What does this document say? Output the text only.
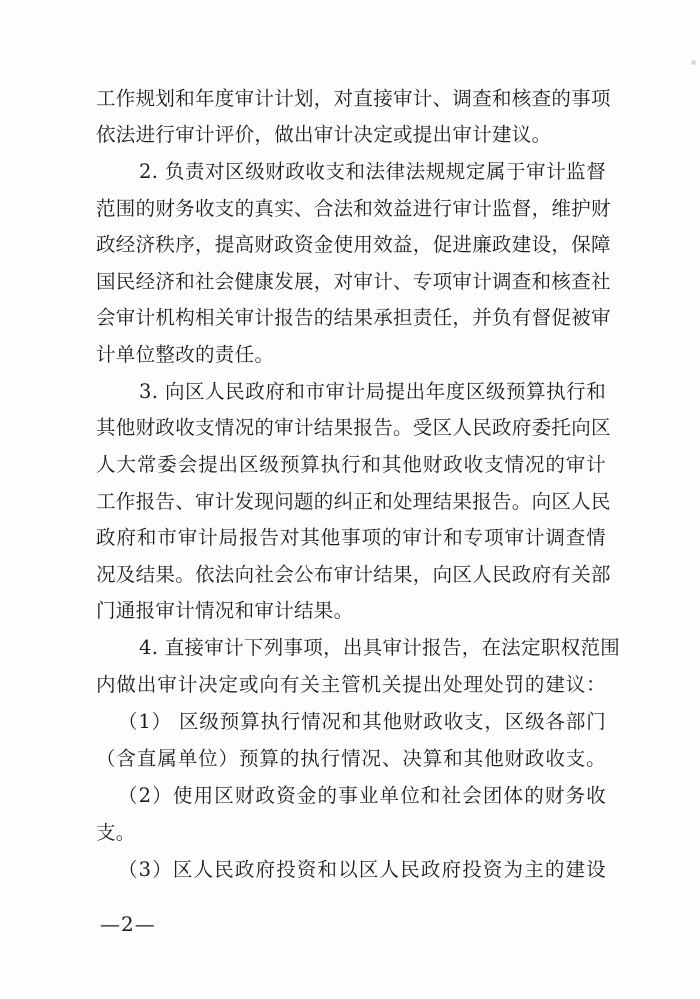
工作规划和年度审计计划，对直接审计、调查和核查的事项
依法进行审计评价，做出审计决定或提出审计建议。
2. 负责对区级财政收支和法律法规规定属于审计监督
范围的财务收支的真实、合法和效益进行审计监督，维护财
政经济秩序，提高财政资金使用效益，促进廉政建设，保障
国民经济和社会健康发展，对审计、专项审计调查和核查社
会审计机构相关审计报告的结果承担责任，并负有督促被审
计单位整改的责任。
3. 向区人民政府和市审计局提出年度区级预算执行和
其他财政收支情况的审计结果报告。受区人民政府委托向区
人大常委会提出区级预算执行和其他财政收支情况的审计
工作报告、审计发现问题的纠正和处理结果报告。向区人民
政府和市审计局报告对其他事项的审计和专项审计调查情
况及结果。依法向社会公布审计结果，向区人民政府有关部
门通报审计情况和审计结果。
4. 直接审计下列事项，出具审计报告，在法定职权范围
内做出审计决定或向有关主管机关提出处理处罚的建议：
（1） 区级预算执行情况和其他财政收支，区级各部门
（含直属单位）预算的执行情况、决算和其他财政收支。
（2）使用区财政资金的事业单位和社会团体的财务收
支。
（3）区人民政府投资和以区人民政府投资为主的建设
—2—
